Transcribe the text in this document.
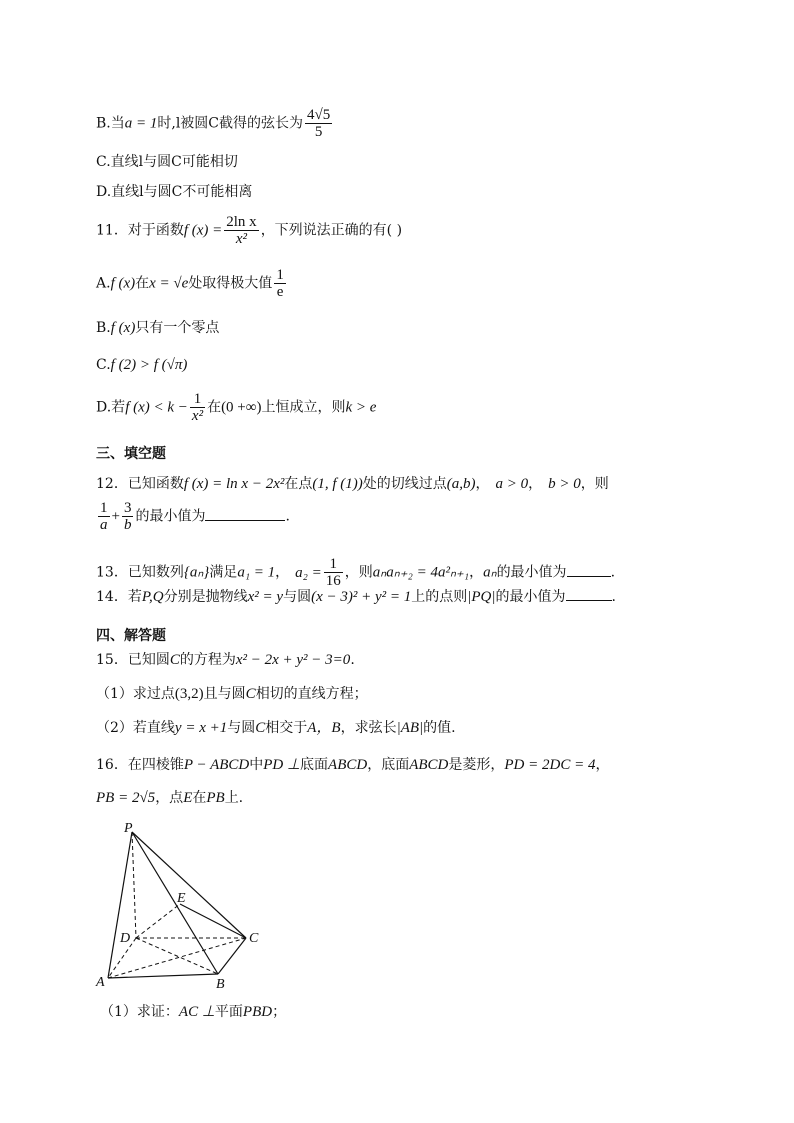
B.当a = 1时,l被圆C截得的弦长为 $\frac{4√5}{5}$
C.直线l与圆C可能相切
D.直线l与圆C不可能相离
11．对于函数f $(x) = \frac{\text{2ln x}}{\text{x²}}$ ，下列说法正确的有( )
A.f (x)在x = √e处取得极大值 $\frac{1}{e}$
B.f (x)只有一个零点
C.f (2) > f (√π)
D.若f $(x) < k - \frac{1}{\text{x²}}$ 在(0 +∞)上恒成立，则k > e
三、填空题
12．已知函数f (x) = ln x − 2x²在点(1, f (1))处的切线过点(a,b)， a > 0， b > 0，则
$\frac{1}{a} + \frac{3}{b}$ 的最小值为	.
13．已知数列{aₙ}满足a₁ = 1， $a_2 = \frac{1}{16}$ ，则aₙaₙ₊₂ = 4a²ₙ₊₁，aₙ的最小值为	.
14．若P,Q分别是抛物线x² = y与圆(x − 3)² + y² = 1上的点则|PQ|的最小值为	.
四、解答题
15．已知圆C的方程为x² − 2x + y² − 3=0.
（1）求过点(3,2)且与圆C相切的直线方程；
（2）若直线y = x +1与圆C相交于A，B，求弦长|AB|的值.
16．在四棱锥P − ABCD中PD ⊥底面ABCD，底面ABCD是菱形，PD = 2DC = 4，
PB = 2√5，点E在PB上.
P
E
D	C
A	B
（1）求证：AC ⊥平面PBD；
